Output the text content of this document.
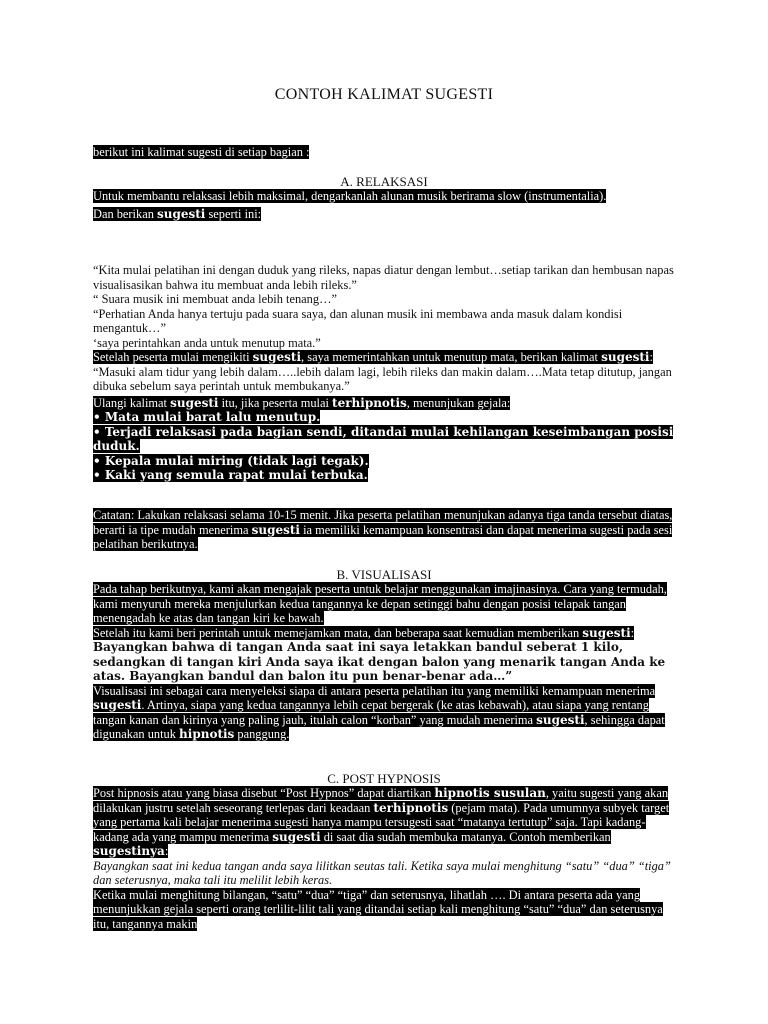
CONTOH KALIMAT SUGESTI

berikut ini kalimat sugesti di setiap bagian :

A. RELAKSASI

Untuk membantu relaksasi lebih maksimal, dengarkanlah alunan musik berirama slow (instrumentalia).

Dan berikan sugesti seperti ini:

“Kita mulai pelatihan ini dengan duduk yang rileks, napas diatur dengan lembut…setiap tarikan dan hembusan napas visualisasikan bahwa itu membuat anda lebih rileks.”

“ Suara musik ini membuat anda lebih tenang…”

“Perhatian Anda hanya tertuju pada suara saya, dan alunan musik ini membawa anda masuk dalam kondisi mengantuk…”

‘saya perintahkan anda untuk menutup mata.”

Setelah peserta mulai mengikiti sugesti, saya memerintahkan untuk menutup mata, berikan kalimat sugesti:

“Masuki alam tidur yang lebih dalam…..lebih dalam lagi, lebih rileks dan makin dalam….Mata tetap ditutup, jangan dibuka sebelum saya perintah untuk membukanya.”

Ulangi kalimat sugesti itu, jika peserta mulai terhipnotis, menunjukan gejala:

• Mata mulai barat lalu menutup.

• Terjadi relaksasi pada bagian sendi, ditandai mulai kehilangan keseimbangan posisi duduk.

• Kepala mulai miring (tidak lagi tegak).

• Kaki yang semula rapat mulai terbuka.

Catatan: Lakukan relaksasi selama 10-15 menit. Jika peserta pelatihan menunjukan adanya tiga tanda tersebut diatas, berarti ia tipe mudah menerima sugesti ia memiliki kemampuan konsentrasi dan dapat menerima sugesti pada sesi pelatihan berikutnya.

B. VISUALISASI

Pada tahap berikutnya, kami akan mengajak peserta untuk belajar menggunakan imajinasinya. Cara yang termudah, kami menyuruh mereka menjulurkan kedua tangannya ke depan setinggi bahu dengan posisi telapak tangan menengadah ke atas dan tangan kiri ke bawah.

Setelah itu kami beri perintah untuk memejamkan mata, dan beberapa saat kemudian memberikan sugesti:

Bayangkan bahwa di tangan Anda saat ini saya letakkan bandul seberat 1 kilo, sedangkan di tangan kiri Anda saya ikat dengan balon yang menarik tangan Anda ke atas. Bayangkan bandul dan balon itu pun benar-benar ada…”

Visualisasi ini sebagai cara menyeleksi siapa di antara peserta pelatihan itu yang memiliki kemampuan menerima sugesti. Artinya, siapa yang kedua tangannya lebih cepat bergerak (ke atas kebawah), atau siapa yang rentang tangan kanan dan kirinya yang paling jauh, itulah calon “korban” yang mudah menerima sugesti, sehingga dapat digunakan untuk hipnotis panggung.

C. POST HYPNOSIS

Post hipnosis atau yang biasa disebut “Post Hypnos” dapat diartikan hipnotis susulan, yaitu sugesti yang akan dilakukan justru setelah seseorang terlepas dari keadaan terhipnotis (pejam mata). Pada umumnya subyek target yang pertama kali belajar menerima sugesti hanya mampu tersugesti saat “matanya tertutup” saja. Tapi kadang-kadang ada yang mampu menerima sugesti di saat dia sudah membuka matanya. Contoh memberikan sugestinya:

Bayangkan saat ini kedua tangan anda saya lilitkan seutas tali. Ketika saya mulai menghitung “satu” “dua” “tiga” dan seterusnya, maka tali itu melilit lebih keras.

Ketika mulai menghitung bilangan, “satu” “dua” “tiga” dan seterusnya, lihatlah …. Di antara peserta ada yang menunjukkan gejala seperti orang terlilit-lilit tali yang ditandai setiap kali menghitung “satu” “dua” dan seterusnya itu, tangannya makin
